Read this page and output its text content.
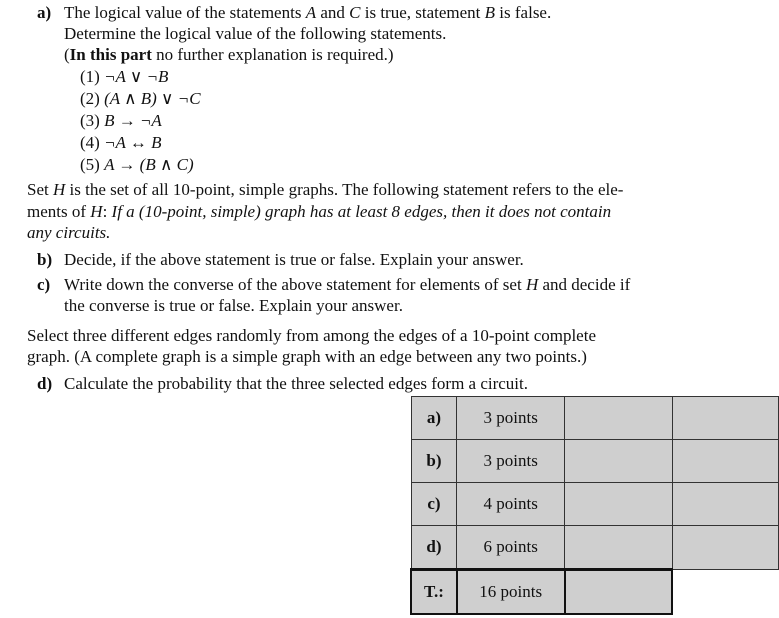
a) The logical value of the statements A and C is true, statement B is false.
Determine the logical value of the following statements.
(In this part no further explanation is required.)
(1) ¬A ∨ ¬B
(2) (A ∧ B) ∨ ¬C
(3) B → ¬A
(4) ¬A ↔ B
(5) A → (B ∧ C)
Set H is the set of all 10-point, simple graphs. The following statement refers to the ele-
ments of H: If a (10-point, simple) graph has at least 8 edges, then it does not contain
any circuits.
b) Decide, if the above statement is true or false. Explain your answer.
c) Write down the converse of the above statement for elements of set H and decide if
the converse is true or false. Explain your answer.
Select three different edges randomly from among the edges of a 10-point complete
graph. (A complete graph is a simple graph with an edge between any two points.)
d) Calculate the probability that the three selected edges form a circuit.
a)	3 points		
b)	3 points		
c)	4 points		
d)	6 points		
T.:	16 points		
